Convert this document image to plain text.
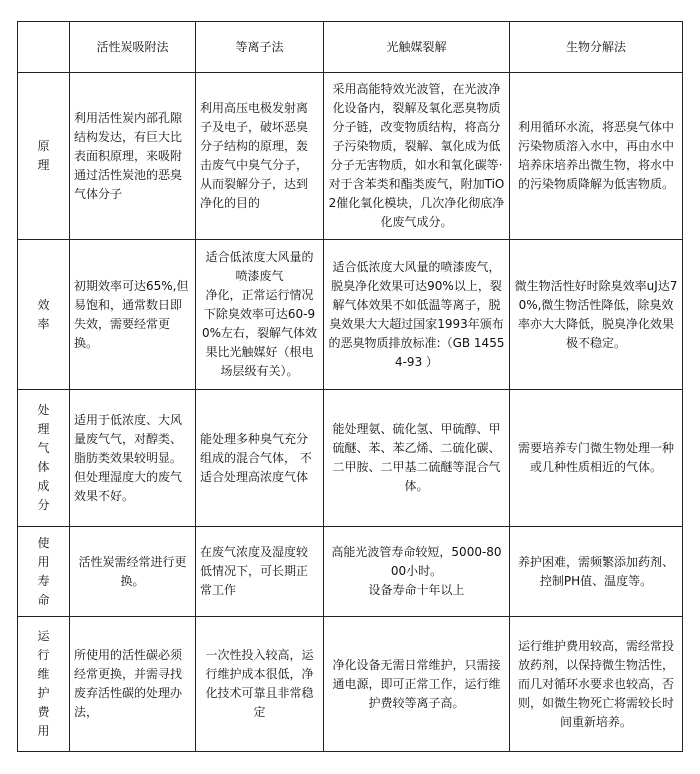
	活性炭吸附法	等离子法	光触媒裂解	生物分解法

原理	利用活性炭内部孔隙结构发达，有巨大比表面积原理，来吸附通过活性炭池的恶臭气体分子	利用高压电极发射离子及电子，破坏恶臭分子结构的原理，轰击废气中臭气分子，从而裂解分子，达到净化的目的	采用高能特效光波管，在光波净化设备内，裂解及氧化恶臭物质分子链，改变物质结构，将高分子污染物质，裂解、氧化成为低分子无害物质，如水和氧化碳等·对于含苯类和酯类废气，附加TiO2催化氧化模块，几次净化彻底净化废气成分。	利用循环水流，将恶臭气体中污染物质溶入水中，再由水中培养床培养出微生物，将水中的污染物质降解为低害物质。

效率	初期效率可达65%,但易饱和，通常数日即失效，需要经常更换。	适合低浓度大风量的喷漆废气
净化，正常运行情况下除臭效率可达60-90%左右，裂解气体效果比光触媒好（根电场层级有关）。	适合低浓度大风量的喷漆废气，脱臭净化效果可达90%以上，裂解气体效果不如低温等离子，脱臭效果大大超过国家1993年颁布的恶臭物质排放标准:（GB 14554-93 ）	微生物活性好时除臭效率uJ达70%,微生物活性降低，除臭效率亦大大降低，脱臭净化效果极不稳定。

处理气体成分	适用于低浓度、大风量废气气，对醇类、脂肪类效果较明显。但处理湿度大的废气效果不好。	能处理多种臭气充分组成的混合气体， 不适合处理高浓度气体	能处理氨、硫化氢、甲硫醇、甲硫醚、苯、苯乙烯、二硫化碳、二甲胺、二甲基二硫醚等混合气体。	需要培养专门微生物处理一种或几种性质相近的气体。

使用寿命	活性炭需经常进行更换。	在废气浓度及湿度较低情况下，可长期正常工作	高能光波管寿命较短，5000-8000小时。
设备寿命十年以上	养护困难，需频繁添加药剂、控制PH值、温度等。

运行维护费用	所使用的活性碳必须经常更换，并需寻找废弃活性碳的处理办法，	一次性投入较高，运行维护成本很低，净化技术可靠且非常稳定	净化设备无需日常维护，只需接通电源，即可正常工作，运行维护费较等离子高。	运行维护费用较高，需经常投放药剂，以保持微生物活性，而几对循环水要求也较高，否则，如微生物死亡将需较长时间重新培养。
